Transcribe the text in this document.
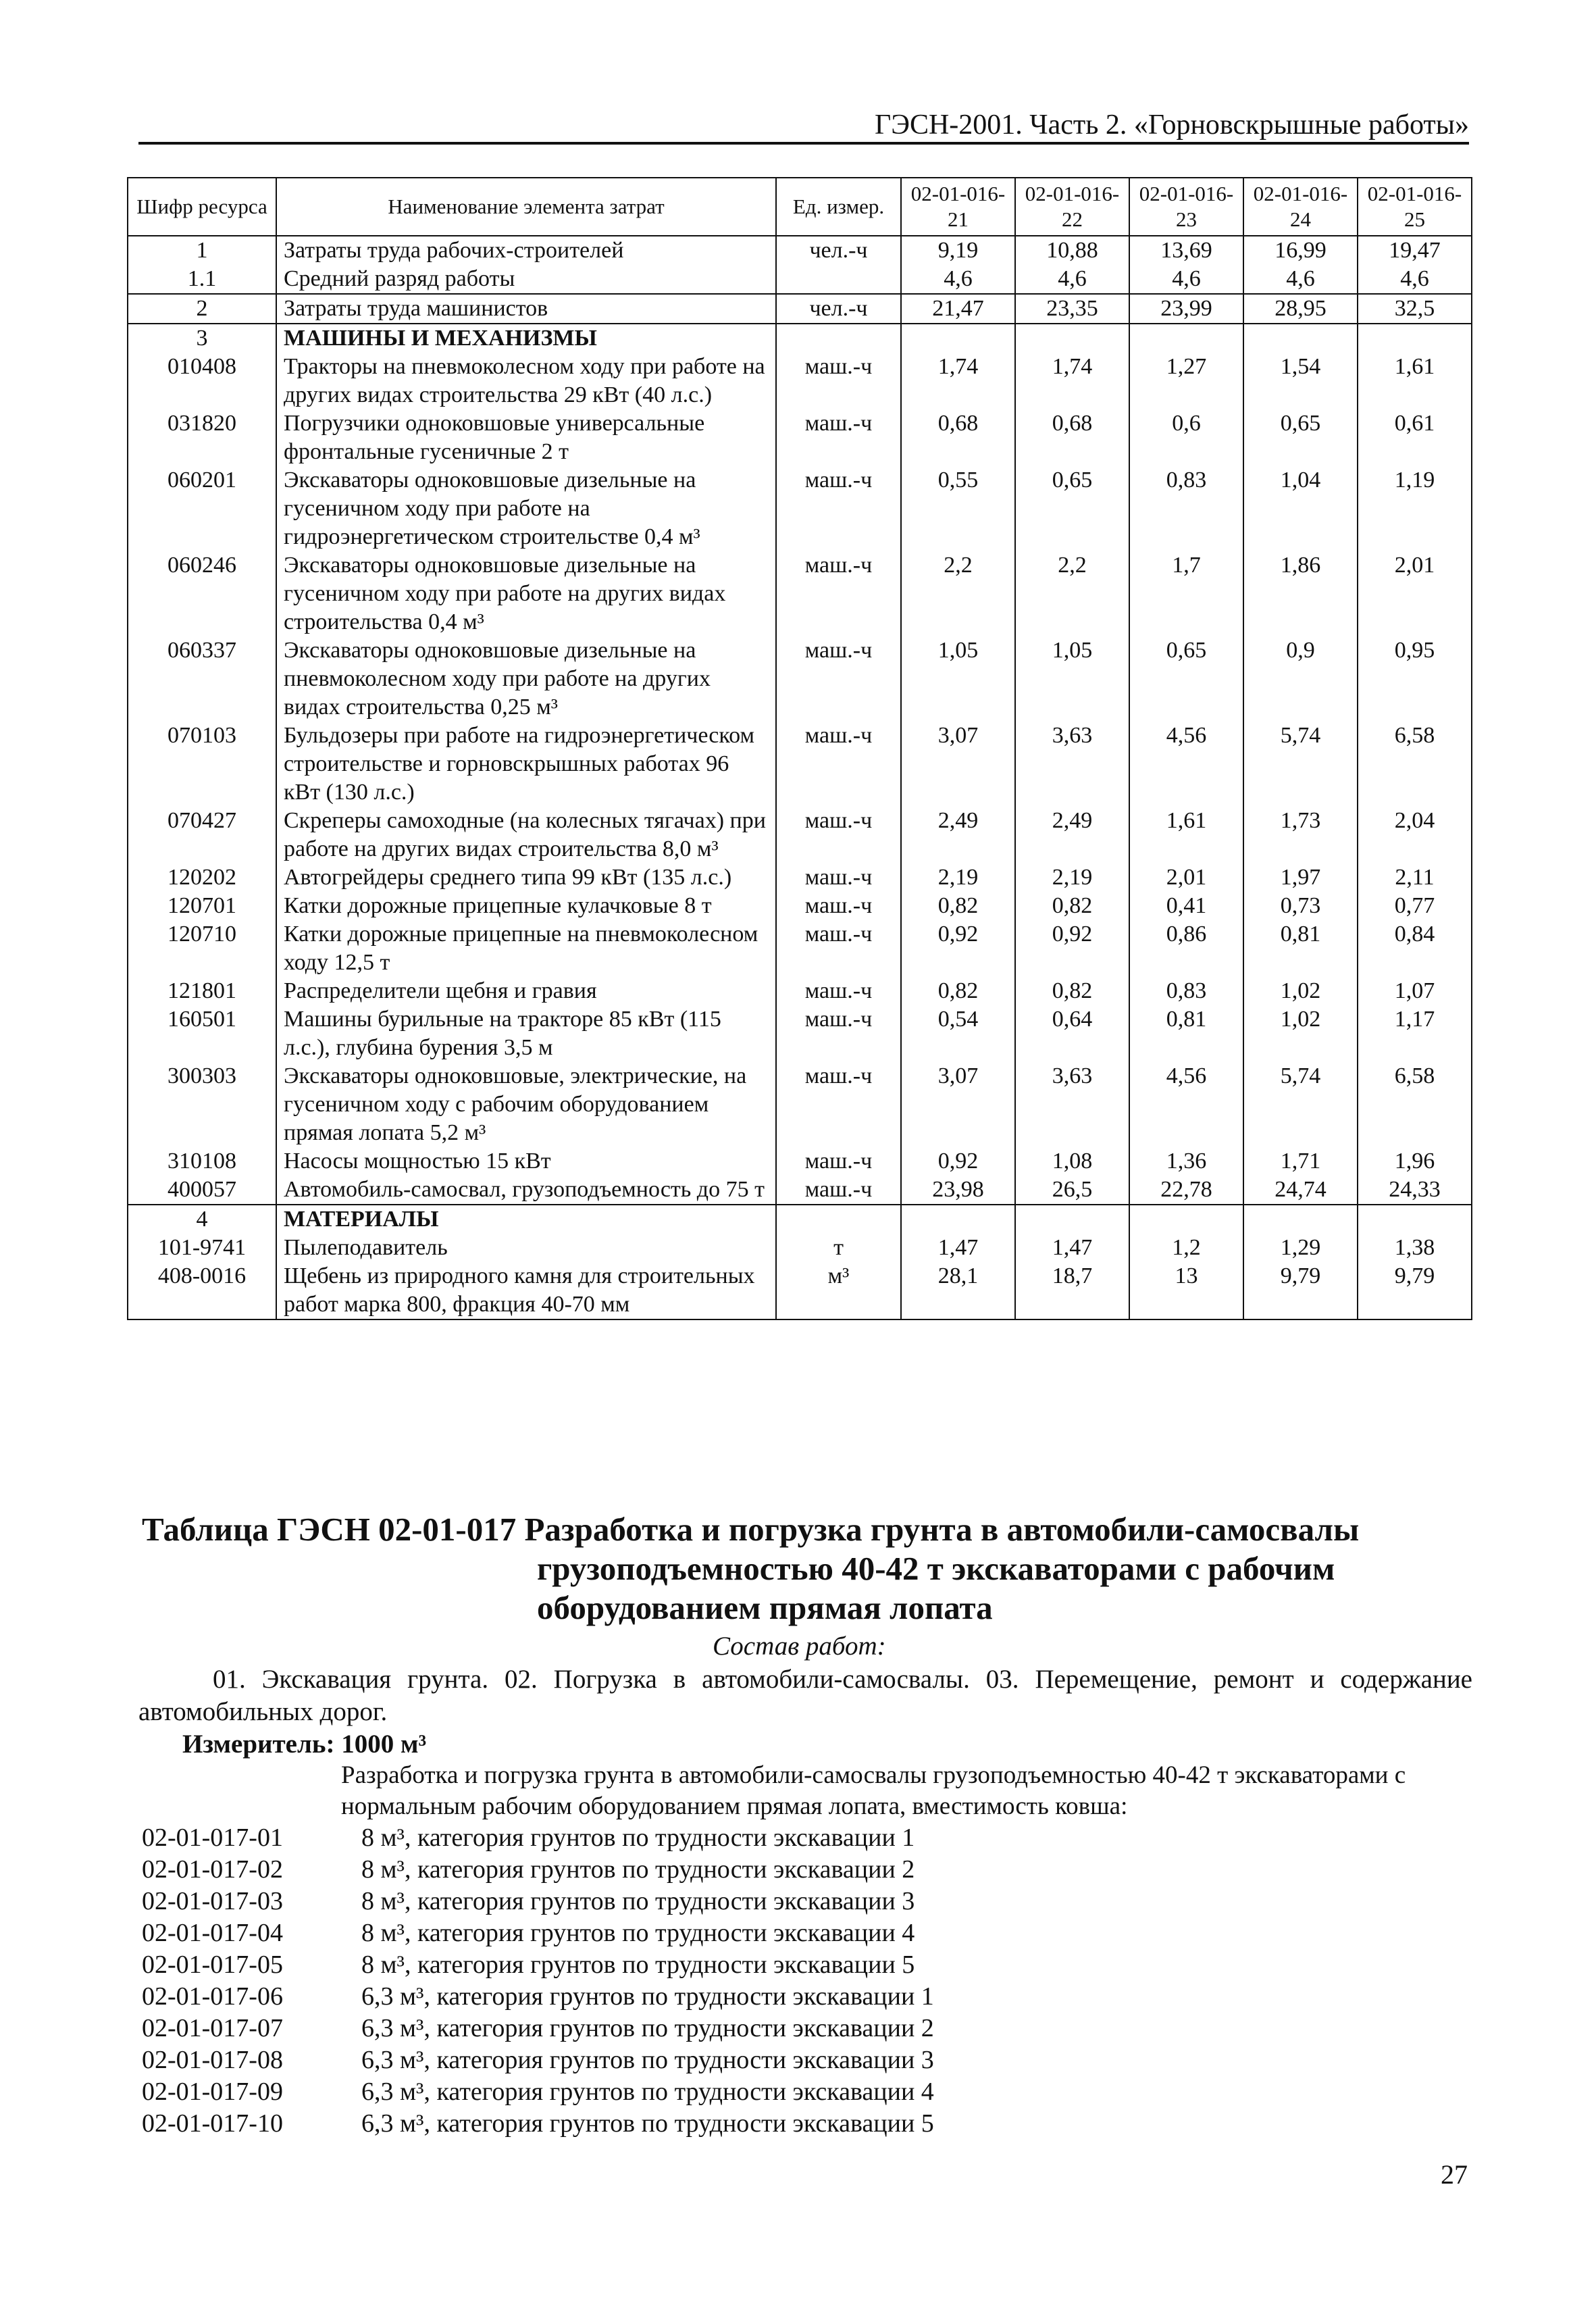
ГЭСН-2001. Часть 2. «Горновскрышные работы»
Шифр ресурса	Наименование элемента затрат	Ед. измер.	02-01-016-21	02-01-016-22	02-01-016-23	02-01-016-24	02-01-016-25
1	Затраты труда рабочих-строителей	чел.-ч	9,19	10,88	13,69	16,99	19,47
1.1	Средний разряд работы		4,6	4,6	4,6	4,6	4,6
2	Затраты труда машинистов	чел.-ч	21,47	23,35	23,99	28,95	32,5
3	МАШИНЫ И МЕХАНИЗМЫ						
010408	Тракторы на пневмоколесном ходу при работе на других видах строительства 29 кВт (40 л.с.)	маш.-ч	1,74	1,74	1,27	1,54	1,61
031820	Погрузчики одноковшовые универсальные фронтальные гусеничные 2 т	маш.-ч	0,68	0,68	0,6	0,65	0,61
060201	Экскаваторы одноковшовые дизельные на гусеничном ходу при работе на гидроэнергетическом строительстве 0,4 м³	маш.-ч	0,55	0,65	0,83	1,04	1,19
060246	Экскаваторы одноковшовые дизельные на гусеничном ходу при работе на других видах строительства 0,4 м³	маш.-ч	2,2	2,2	1,7	1,86	2,01
060337	Экскаваторы одноковшовые дизельные на пневмоколесном ходу при работе на других видах строительства 0,25 м³	маш.-ч	1,05	1,05	0,65	0,9	0,95
070103	Бульдозеры при работе на гидроэнергетическом строительстве и горновскрышных работах 96 кВт (130 л.с.)	маш.-ч	3,07	3,63	4,56	5,74	6,58
070427	Скреперы самоходные (на колесных тягачах) при работе на других видах строительства 8,0 м³	маш.-ч	2,49	2,49	1,61	1,73	2,04
120202	Автогрейдеры среднего типа 99 кВт (135 л.с.)	маш.-ч	2,19	2,19	2,01	1,97	2,11
120701	Катки дорожные прицепные кулачковые 8 т	маш.-ч	0,82	0,82	0,41	0,73	0,77
120710	Катки дорожные прицепные на пневмоколесном ходу 12,5 т	маш.-ч	0,92	0,92	0,86	0,81	0,84
121801	Распределители щебня и гравия	маш.-ч	0,82	0,82	0,83	1,02	1,07
160501	Машины бурильные на тракторе 85 кВт (115 л.с.), глубина бурения 3,5 м	маш.-ч	0,54	0,64	0,81	1,02	1,17
300303	Экскаваторы одноковшовые, электрические, на гусеничном ходу с рабочим оборудованием прямая лопата 5,2 м³	маш.-ч	3,07	3,63	4,56	5,74	6,58
310108	Насосы мощностью 15 кВт	маш.-ч	0,92	1,08	1,36	1,71	1,96
400057	Автомобиль-самосвал, грузоподъемность до 75 т	маш.-ч	23,98	26,5	22,78	24,74	24,33
4	МАТЕРИАЛЫ						
101-9741	Пылеподавитель	т	1,47	1,47	1,2	1,29	1,38
408-0016	Щебень из природного камня для строительных работ марка 800, фракция 40-70 мм	м³	28,1	18,7	13	9,79	9,79
Таблица ГЭСН 02-01-017 Разработка и погрузка грунта в автомобили-самосвалы
грузоподъемностью 40-42 т экскаваторами с рабочим
оборудованием прямая лопата
Состав работ:
01. Экскавация грунта. 02. Погрузка в автомобили-самосвалы. 03. Перемещение, ремонт и содержание автомобильных дорог.
Измеритель: 1000 м³
Разработка и погрузка грунта в автомобили-самосвалы грузоподъемностью 40-42 т экскаваторами с нормальным рабочим оборудованием прямая лопата, вместимость ковша:
02-01-017-01	8 м³, категория грунтов по трудности экскавации 1
02-01-017-02	8 м³, категория грунтов по трудности экскавации 2
02-01-017-03	8 м³, категория грунтов по трудности экскавации 3
02-01-017-04	8 м³, категория грунтов по трудности экскавации 4
02-01-017-05	8 м³, категория грунтов по трудности экскавации 5
02-01-017-06	6,3 м³, категория грунтов по трудности экскавации 1
02-01-017-07	6,3 м³, категория грунтов по трудности экскавации 2
02-01-017-08	6,3 м³, категория грунтов по трудности экскавации 3
02-01-017-09	6,3 м³, категория грунтов по трудности экскавации 4
02-01-017-10	6,3 м³, категория грунтов по трудности экскавации 5
27
